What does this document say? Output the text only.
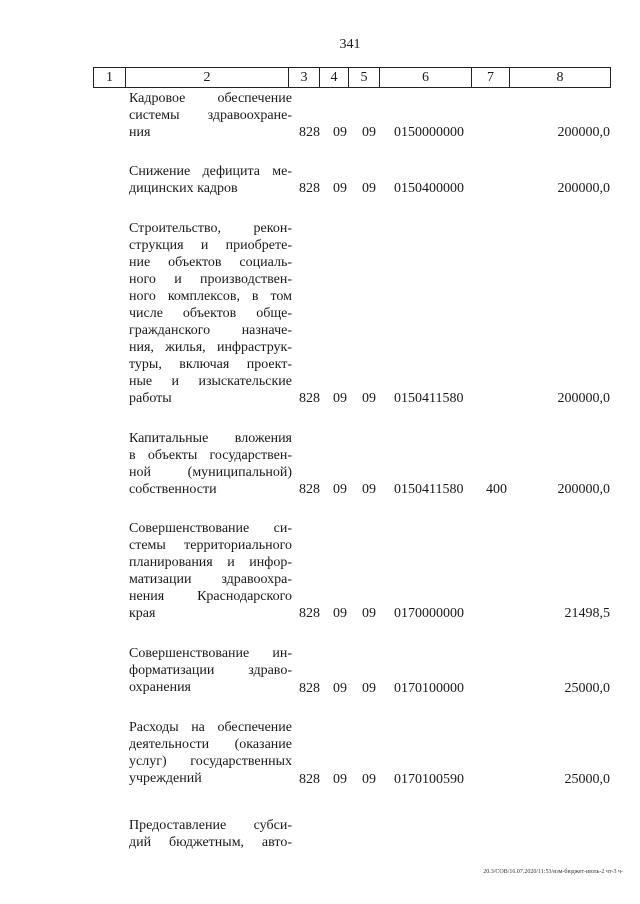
341
1	2	3	4	5	6	7	8
Кадровое обеспечение
системы здравоохране-
ния	828 09 09 0150000000	200000,0
Снижение дефицита ме-
дицинских кадров	828 09 09 0150400000	200000,0
Строительство, рекон-
струкция и приобрете-
ние объектов социаль-
ного и производствен-
ного комплексов, в том
числе объектов обще-
гражданского назначе-
ния, жилья, инфраструк-
туры, включая проект-
ные и изыскательские
работы	828 09 09 0150411580	200000,0
Капитальные вложения
в объекты государствен-
ной (муниципальной)
собственности	828 09 09 0150411580 400	200000,0
Совершенствование си-
стемы территориального
планирования и инфор-
матизации здравоохра-
нения Краснодарского
края	828 09 09 0170000000	21498,5
Совершенствование ин-
форматизации здраво-
охранения	828 09 09 0170100000	25000,0
Расходы на обеспечение
деятельности (оказание
услуг) государственных
учреждений	828 09 09 0170100590	25000,0
Предоставление субси-
дий бюджетным, авто-
20.3/СОВ/16.07.2020/11:53/изм-бюджет-июль-2 чт-3 ч-
